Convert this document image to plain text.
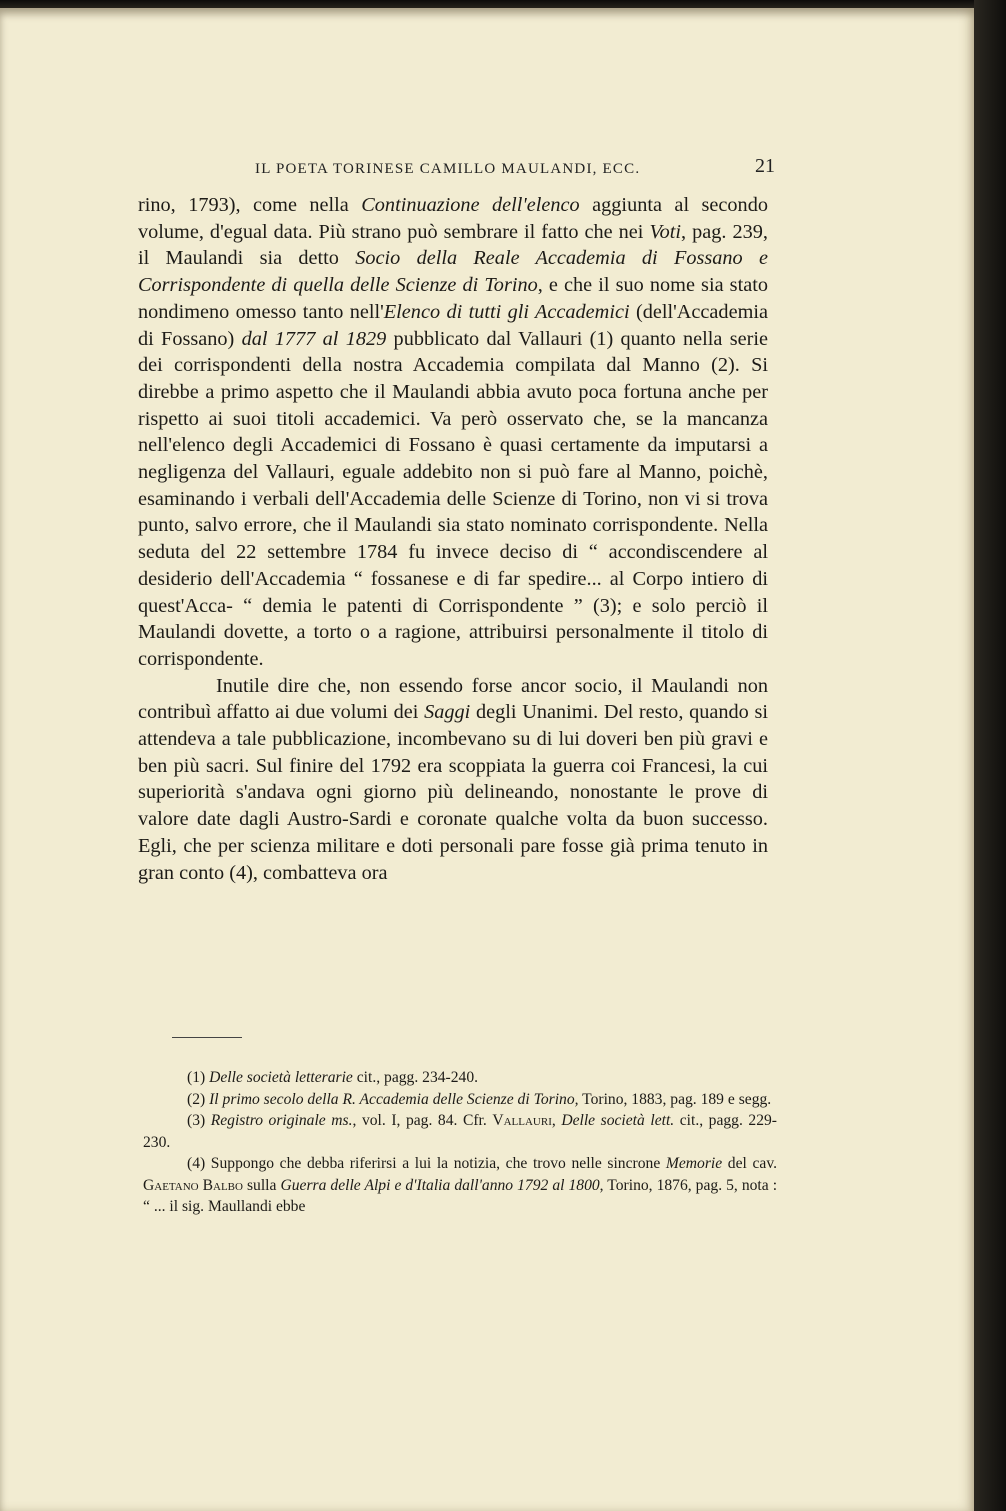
IL POETA TORINESE CAMILLO MAULANDI, ECC.	21

rino, 1793), come nella Continuazione dell'elenco aggiunta al secondo volume, d'egual data. Più strano può sembrare il fatto che nei Voti, pag. 239, il Maulandi sia detto Socio della Reale Accademia di Fossano e Corrispondente di quella delle Scienze di Torino, e che il suo nome sia stato nondimeno omesso tanto nell'Elenco di tutti gli Accademici (dell'Accademia di Fossano) dal 1777 al 1829 pubblicato dal Vallauri (1) quanto nella serie dei corrispondenti della nostra Accademia compilata dal Manno (2). Si direbbe a primo aspetto che il Maulandi abbia avuto poca fortuna anche per rispetto ai suoi titoli accademici. Va però osservato che, se la mancanza nell'elenco degli Accademici di Fossano è quasi certamente da imputarsi a negligenza del Vallauri, eguale addebito non si può fare al Manno, poichè, esaminando i verbali dell'Accademia delle Scienze di Torino, non vi si trova punto, salvo errore, che il Maulandi sia stato nominato corrispondente. Nella seduta del 22 settembre 1784 fu invece deciso di “ accondiscendere al desiderio dell'Accademia “ fossanese e di far spedire... al Corpo intiero di quest'Acca- “ demia le patenti di Corrispondente ” (3); e solo perciò il Maulandi dovette, a torto o a ragione, attribuirsi personalmente il titolo di corrispondente.

Inutile dire che, non essendo forse ancor socio, il Maulandi non contribuì affatto ai due volumi dei Saggi degli Unanimi. Del resto, quando si attendeva a tale pubblicazione, incombevano su di lui doveri ben più gravi e ben più sacri. Sul finire del 1792 era scoppiata la guerra coi Francesi, la cui superiorità s'andava ogni giorno più delineando, nonostante le prove di valore date dagli Austro-Sardi e coronate qualche volta da buon successo. Egli, che per scienza militare e doti personali pare fosse già prima tenuto in gran conto (4), combatteva ora

(1) Delle società letterarie cit., pagg. 234-240.

(2) Il primo secolo della R. Accademia delle Scienze di Torino, Torino, 1883, pag. 189 e segg.

(3) Registro originale ms., vol. I, pag. 84. Cfr. Vallauri, Delle società lett. cit., pagg. 229-230.

(4) Suppongo che debba riferirsi a lui la notizia, che trovo nelle sincrone Memorie del cav. Gaetano Balbo sulla Guerra delle Alpi e d'Italia dall'anno 1792 al 1800, Torino, 1876, pag. 5, nota : “ ... il sig. Maullandi ebbe
